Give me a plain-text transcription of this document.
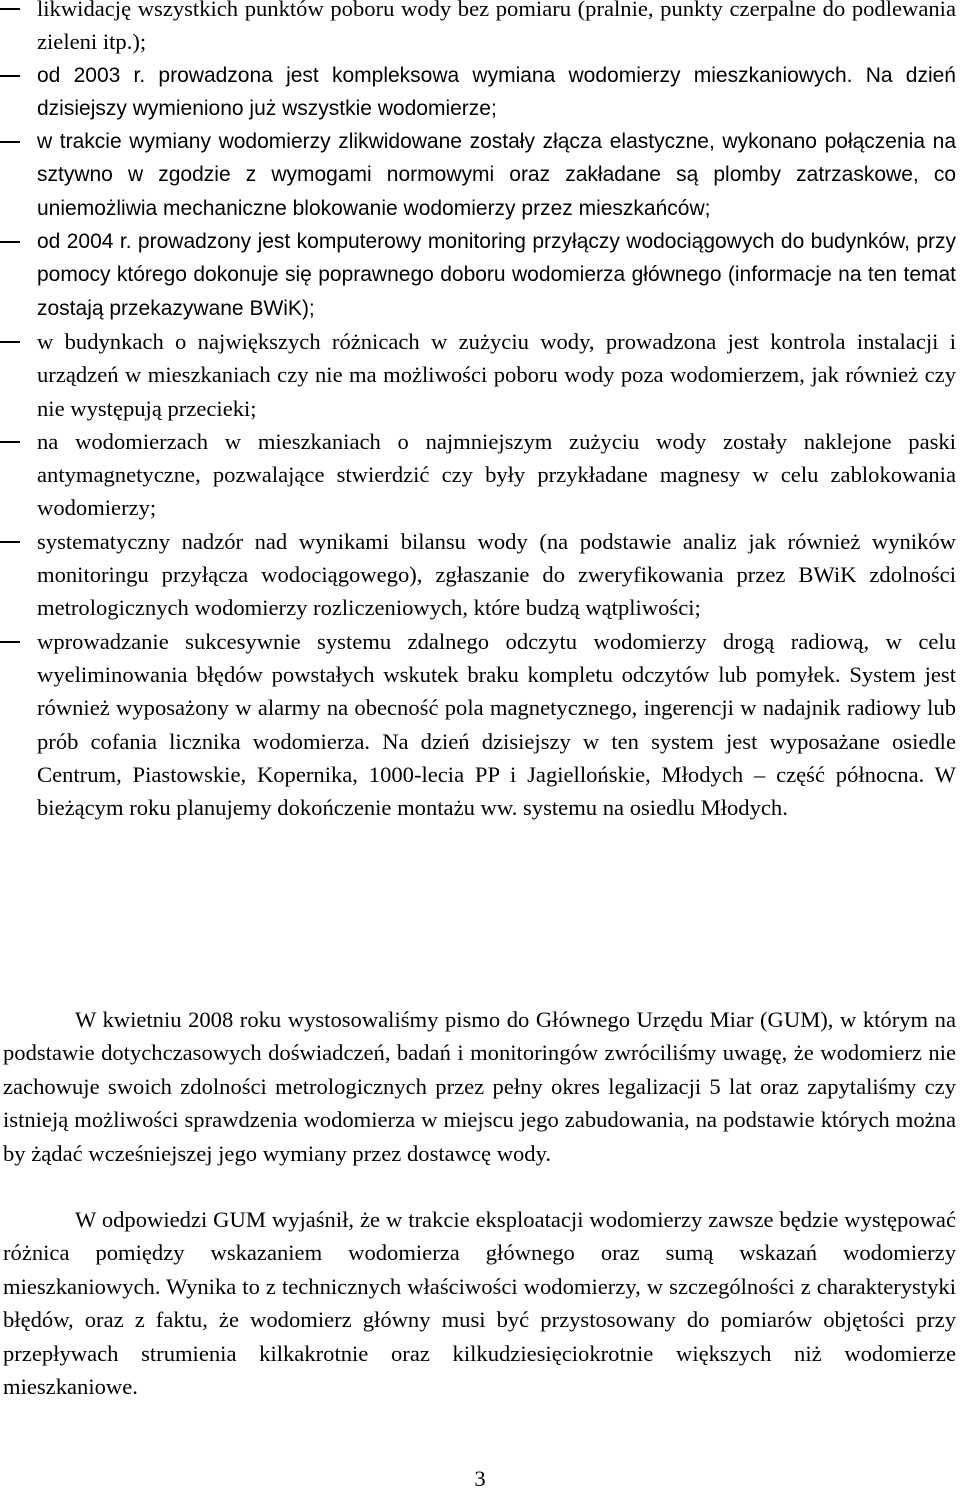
likwidację wszystkich punktów poboru wody bez pomiaru (pralnie, punkty czerpalne do podlewania zieleni itp.);
od 2003 r. prowadzona jest kompleksowa wymiana wodomierzy mieszkaniowych. Na dzień dzisiejszy wymieniono już wszystkie wodomierze;
w trakcie wymiany wodomierzy zlikwidowane zostały złącza elastyczne, wykonano połączenia na sztywno w zgodzie z wymogami normowymi oraz zakładane są plomby zatrzaskowe, co uniemożliwia mechaniczne blokowanie wodomierzy przez mieszkańców;
od 2004 r. prowadzony jest komputerowy monitoring przyłączy wodociągowych do budynków, przy pomocy którego dokonuje się poprawnego doboru wodomierza głównego (informacje na ten temat zostają przekazywane BWiK);
w budynkach o największych różnicach w zużyciu wody, prowadzona jest kontrola instalacji i urządzeń w mieszkaniach czy nie ma możliwości poboru wody poza wodomierzem, jak również czy nie występują przecieki;
na wodomierzach w mieszkaniach o najmniejszym zużyciu wody zostały naklejone paski antymagnetyczne, pozwalające stwierdzić czy były przykładane magnesy w celu zablokowania wodomierzy;
systematyczny nadzór nad wynikami bilansu wody (na podstawie analiz jak również wyników monitoringu przyłącza wodociągowego), zgłaszanie do zweryfikowania przez BWiK zdolności metrologicznych wodomierzy rozliczeniowych, które budzą wątpliwości;
wprowadzanie sukcesywnie systemu zdalnego odczytu wodomierzy drogą radiową, w celu wyeliminowania błędów powstałych wskutek braku kompletu odczytów lub pomyłek. System jest również wyposażony w alarmy na obecność pola magnetycznego, ingerencji w nadajnik radiowy lub prób cofania licznika wodomierza. Na dzień dzisiejszy w ten system jest wyposażane osiedle Centrum, Piastowskie, Kopernika, 1000-lecia PP i Jagiellońskie, Młodych – część północna. W bieżącym roku planujemy dokończenie montażu ww. systemu na osiedlu Młodych.

W kwietniu 2008 roku wystosowaliśmy pismo do Głównego Urzędu Miar (GUM), w którym na podstawie dotychczasowych doświadczeń, badań i monitoringów zwróciliśmy uwagę, że wodomierz nie zachowuje swoich zdolności metrologicznych przez pełny okres legalizacji 5 lat oraz zapytaliśmy czy istnieją możliwości sprawdzenia wodomierza w miejscu jego zabudowania, na podstawie których można by żądać wcześniejszej jego wymiany przez dostawcę wody.

W odpowiedzi GUM wyjaśnił, że w trakcie eksploatacji wodomierzy zawsze będzie występować różnica pomiędzy wskazaniem wodomierza głównego oraz sumą wskazań wodomierzy mieszkaniowych. Wynika to z technicznych właściwości wodomierzy, w szczególności z charakterystyki błędów, oraz z faktu, że wodomierz główny musi być przystosowany do pomiarów objętości przy przepływach strumienia kilkakrotnie oraz kilkudziesięciokrotnie większych niż wodomierze mieszkaniowe.

3
